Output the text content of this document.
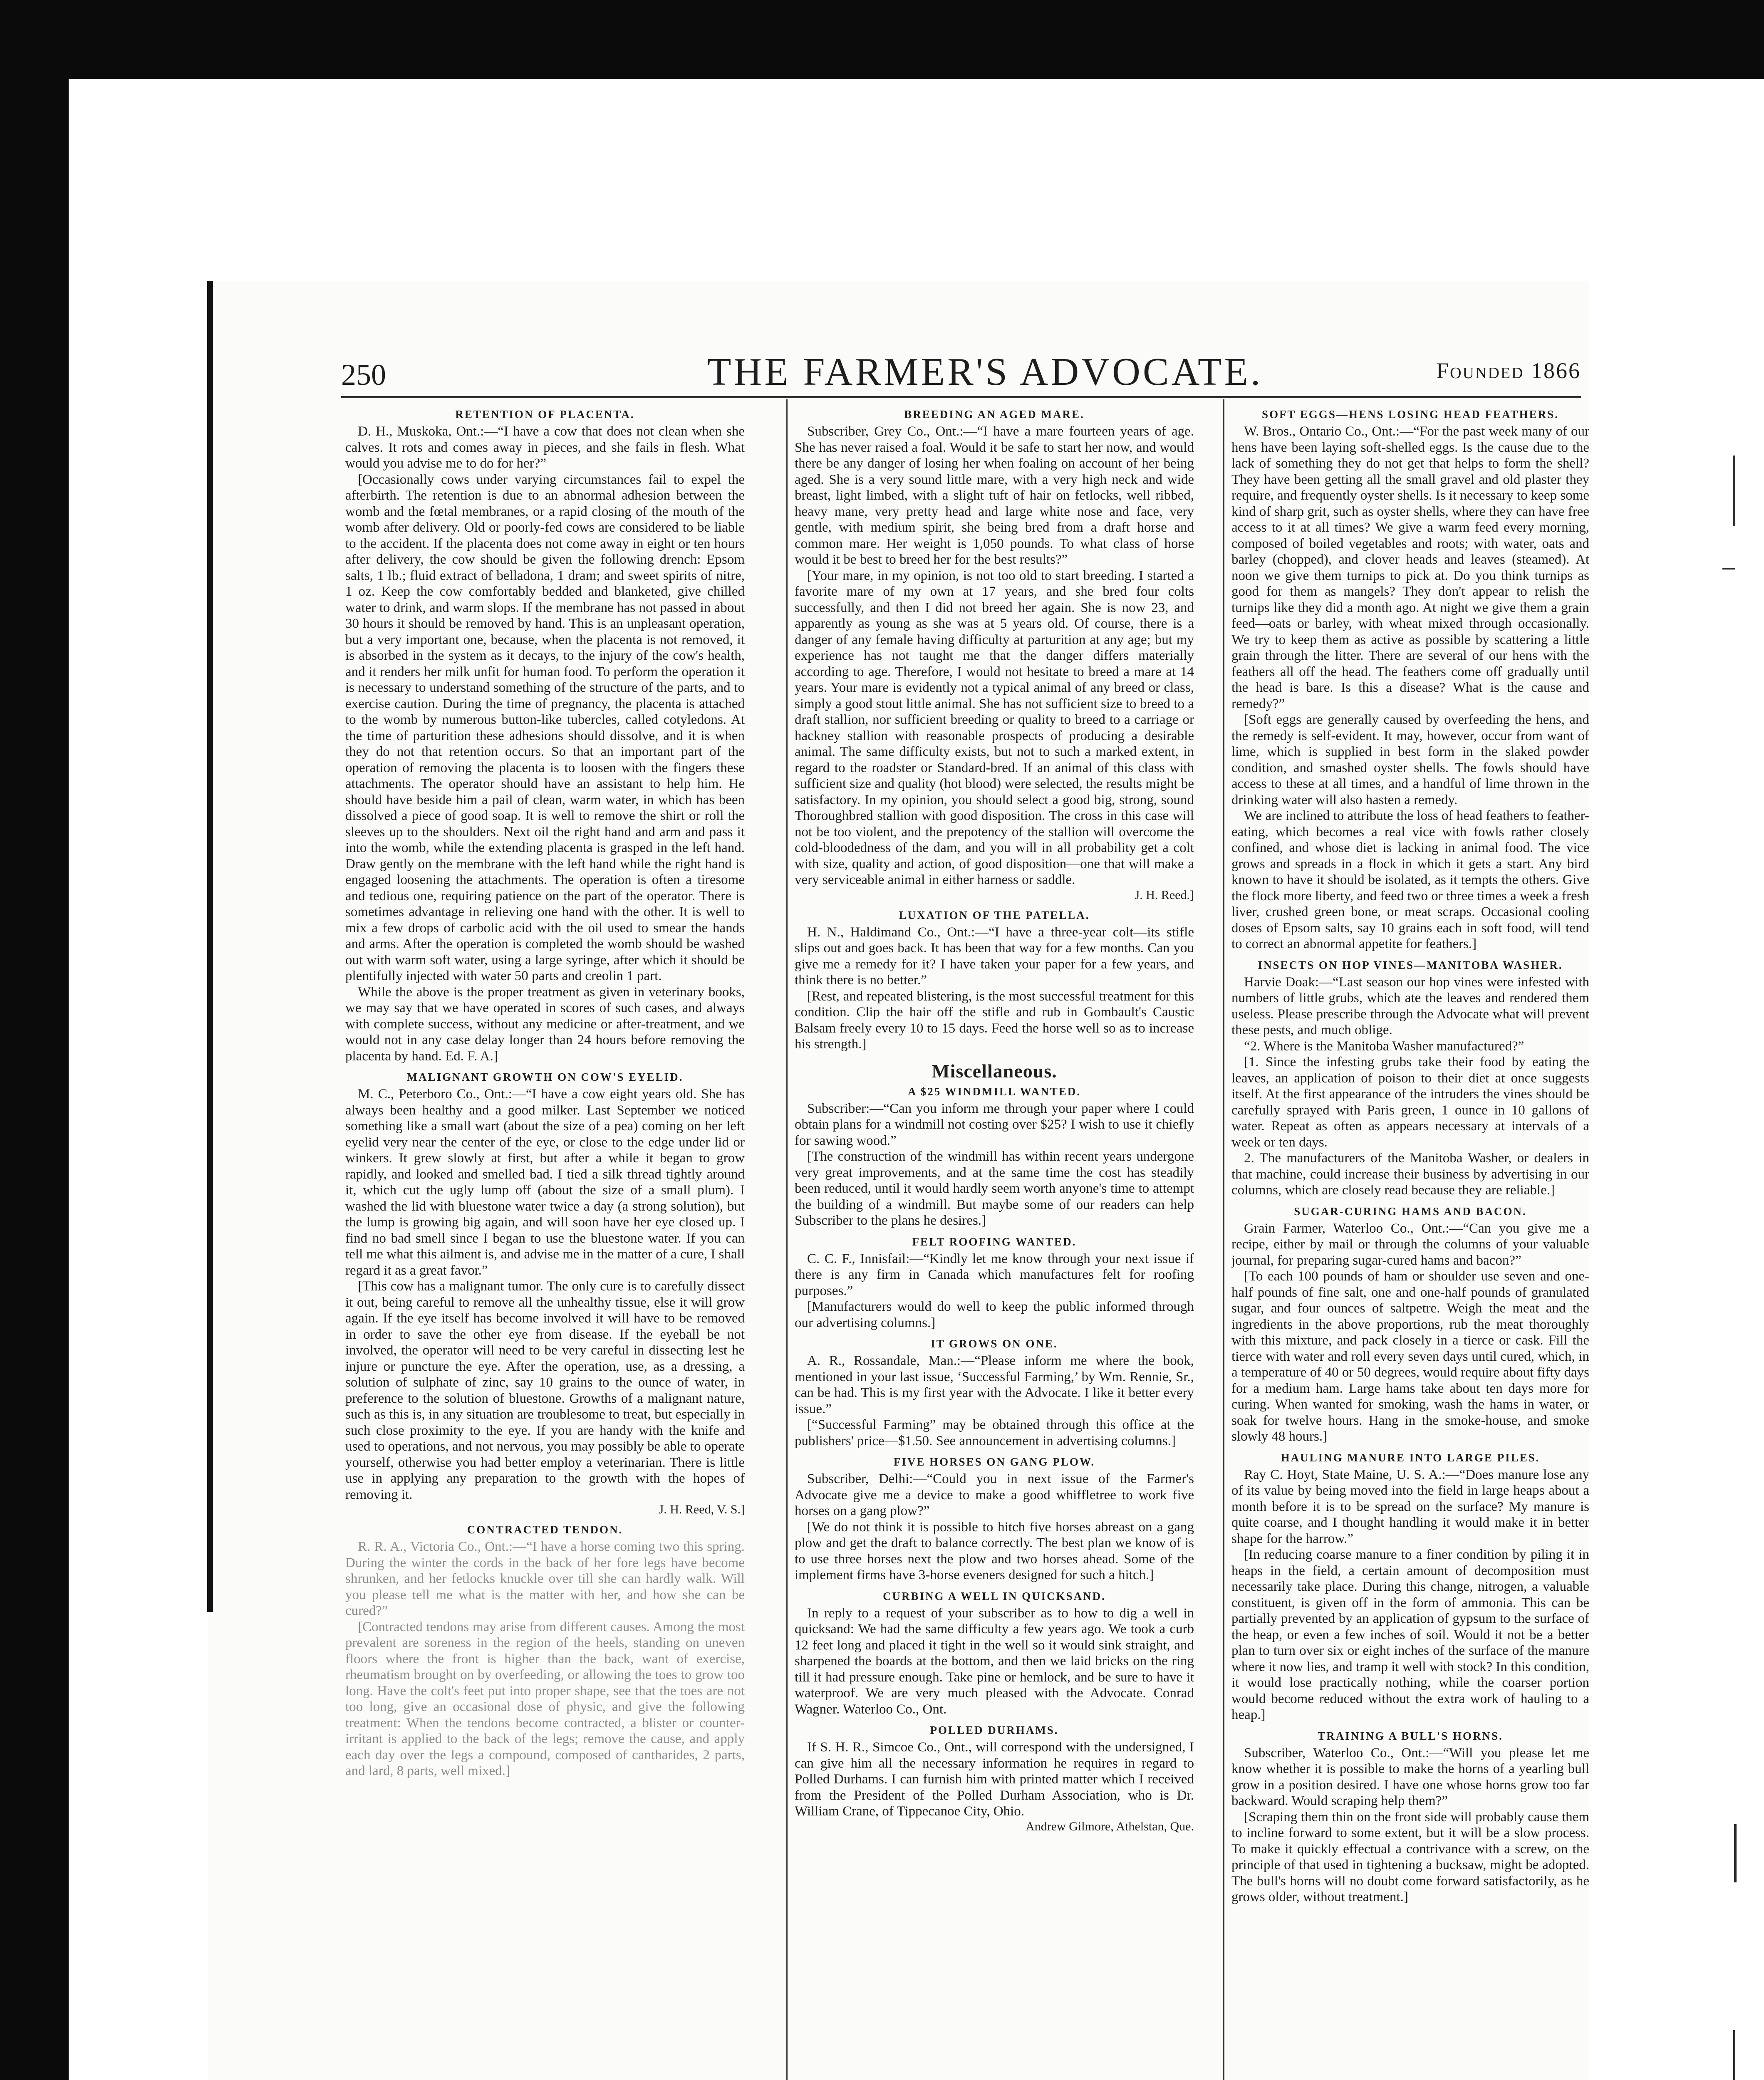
250	THE FARMER'S ADVOCATE.	Founded 1866
RETENTION OF PLACENTA.

D. H., Muskoka, Ont.:—“I have a cow that does not clean when she calves. It rots and comes away in pieces, and she fails in flesh. What would you advise me to do for her?”

[Occasionally cows under varying circumstances fail to expel the afterbirth. The retention is due to an abnormal adhesion between the womb and the fœtal membranes, or a rapid closing of the mouth of the womb after delivery. Old or poorly-fed cows are considered to be liable to the accident. If the placenta does not come away in eight or ten hours after delivery, the cow should be given the following drench: Epsom salts, 1 lb.; fluid extract of belladona, 1 dram; and sweet spirits of nitre, 1 oz. Keep the cow comfortably bedded and blanketed, give chilled water to drink, and warm slops. If the membrane has not passed in about 30 hours it should be removed by hand. This is an unpleasant operation, but a very important one, because, when the placenta is not removed, it is absorbed in the system as it decays, to the injury of the cow's health, and it renders her milk unfit for human food. To perform the operation it is necessary to understand something of the structure of the parts, and to exercise caution. During the time of pregnancy, the placenta is attached to the womb by numerous button-like tubercles, called cotyledons. At the time of parturition these adhesions should dissolve, and it is when they do not that retention occurs. So that an important part of the operation of removing the placenta is to loosen with the fingers these attachments. The operator should have an assistant to help him. He should have beside him a pail of clean, warm water, in which has been dissolved a piece of good soap. It is well to remove the shirt or roll the sleeves up to the shoulders. Next oil the right hand and arm and pass it into the womb, while the extending placenta is grasped in the left hand. Draw gently on the membrane with the left hand while the right hand is engaged loosening the attachments. The operation is often a tiresome and tedious one, requiring patience on the part of the operator. There is sometimes advantage in relieving one hand with the other. It is well to mix a few drops of carbolic acid with the oil used to smear the hands and arms. After the operation is completed the womb should be washed out with warm soft water, using a large syringe, after which it should be plentifully injected with water 50 parts and creolin 1 part.

While the above is the proper treatment as given in veterinary books, we may say that we have operated in scores of such cases, and always with complete success, without any medicine or after-treatment, and we would not in any case delay longer than 24 hours before removing the placenta by hand. Ed. F. A.]

MALIGNANT GROWTH ON COW'S EYELID.

M. C., Peterboro Co., Ont.:—“I have a cow eight years old. She has always been healthy and a good milker. Last September we noticed something like a small wart (about the size of a pea) coming on her left eyelid very near the center of the eye, or close to the edge under lid or winkers. It grew slowly at first, but after a while it began to grow rapidly, and looked and smelled bad. I tied a silk thread tightly around it, which cut the ugly lump off (about the size of a small plum). I washed the lid with bluestone water twice a day (a strong solution), but the lump is growing big again, and will soon have her eye closed up. I find no bad smell since I began to use the bluestone water. If you can tell me what this ailment is, and advise me in the matter of a cure, I shall regard it as a great favor.”

[This cow has a malignant tumor. The only cure is to carefully dissect it out, being careful to remove all the unhealthy tissue, else it will grow again. If the eye itself has become involved it will have to be removed in order to save the other eye from disease. If the eyeball be not involved, the operator will need to be very careful in dissecting lest he injure or puncture the eye. After the operation, use, as a dressing, a solution of sulphate of zinc, say 10 grains to the ounce of water, in preference to the solution of bluestone. Growths of a malignant nature, such as this is, in any situation are troublesome to treat, but especially in such close proximity to the eye. If you are handy with the knife and used to operations, and not nervous, you may possibly be able to operate yourself, otherwise you had better employ a veterinarian. There is little use in applying any preparation to the growth with the hopes of removing it.

J. H. Reed, V. S.]
CONTRACTED TENDON.

R. R. A., Victoria Co., Ont.:—“I have a horse coming two this spring. During the winter the cords in the back of her fore legs have become shrunken, and her fetlocks knuckle over till she can hardly walk. Will you please tell me what is the matter with her, and how she can be cured?”

[Contracted tendons may arise from different causes. Among the most prevalent are soreness in the region of the heels, standing on uneven floors where the front is higher than the back, want of exercise, rheumatism brought on by overfeeding, or allowing the toes to grow too long. Have the colt's feet put into proper shape, see that the toes are not too long, give an occasional dose of physic, and give the following treatment: When the tendons become contracted, a blister or counter-irritant is applied to the back of the legs; remove the cause, and apply each day over the legs a compound, composed of cantharides, 2 parts, and lard, 8 parts, well mixed.]

BREEDING AN AGED MARE.

Subscriber, Grey Co., Ont.:—“I have a mare fourteen years of age. She has never raised a foal. Would it be safe to start her now, and would there be any danger of losing her when foaling on account of her being aged. She is a very sound little mare, with a very high neck and wide breast, light limbed, with a slight tuft of hair on fetlocks, well ribbed, heavy mane, very pretty head and large white nose and face, very gentle, with medium spirit, she being bred from a draft horse and common mare. Her weight is 1,050 pounds. To what class of horse would it be best to breed her for the best results?”

[Your mare, in my opinion, is not too old to start breeding. I started a favorite mare of my own at 17 years, and she bred four colts successfully, and then I did not breed her again. She is now 23, and apparently as young as she was at 5 years old. Of course, there is a danger of any female having difficulty at parturition at any age; but my experience has not taught me that the danger differs materially according to age. Therefore, I would not hesitate to breed a mare at 14 years. Your mare is evidently not a typical animal of any breed or class, simply a good stout little animal. She has not sufficient size to breed to a draft stallion, nor sufficient breeding or quality to breed to a carriage or hackney stallion with reasonable prospects of producing a desirable animal. The same difficulty exists, but not to such a marked extent, in regard to the roadster or Standard-bred. If an animal of this class with sufficient size and quality (hot blood) were selected, the results might be satisfactory. In my opinion, you should select a good big, strong, sound Thoroughbred stallion with good disposition. The cross in this case will not be too violent, and the prepotency of the stallion will overcome the cold-bloodedness of the dam, and you will in all probability get a colt with size, quality and action, of good disposition—one that will make a very serviceable animal in either harness or saddle.

J. H. Reed.]
LUXATION OF THE PATELLA.

H. N., Haldimand Co., Ont.:—“I have a three-year colt—its stifle slips out and goes back. It has been that way for a few months. Can you give me a remedy for it? I have taken your paper for a few years, and think there is no better.”

[Rest, and repeated blistering, is the most successful treatment for this condition. Clip the hair off the stifle and rub in Gombault's Caustic Balsam freely every 10 to 15 days. Feed the horse well so as to increase his strength.]

Miscellaneous.
A $25 WINDMILL WANTED.

Subscriber:—“Can you inform me through your paper where I could obtain plans for a windmill not costing over $25? I wish to use it chiefly for sawing wood.”

[The construction of the windmill has within recent years undergone very great improvements, and at the same time the cost has steadily been reduced, until it would hardly seem worth anyone's time to attempt the building of a windmill. But maybe some of our readers can help Subscriber to the plans he desires.]

FELT ROOFING WANTED.

C. C. F., Innisfail:—“Kindly let me know through your next issue if there is any firm in Canada which manufactures felt for roofing purposes.”

[Manufacturers would do well to keep the public informed through our advertising columns.]

IT GROWS ON ONE.

A. R., Rossandale, Man.:—“Please inform me where the book, mentioned in your last issue, ‘Successful Farming,’ by Wm. Rennie, Sr., can be had. This is my first year with the Advocate. I like it better every issue.”

[“Successful Farming” may be obtained through this office at the publishers' price—$1.50. See announcement in advertising columns.]

FIVE HORSES ON GANG PLOW.

Subscriber, Delhi:—“Could you in next issue of the Farmer's Advocate give me a device to make a good whiffletree to work five horses on a gang plow?”

[We do not think it is possible to hitch five horses abreast on a gang plow and get the draft to balance correctly. The best plan we know of is to use three horses next the plow and two horses ahead. Some of the implement firms have 3-horse eveners designed for such a hitch.]

CURBING A WELL IN QUICKSAND.

In reply to a request of your subscriber as to how to dig a well in quicksand: We had the same difficulty a few years ago. We took a curb 12 feet long and placed it tight in the well so it would sink straight, and sharpened the boards at the bottom, and then we laid bricks on the ring till it had pressure enough. Take pine or hemlock, and be sure to have it waterproof. We are very much pleased with the Advocate. Conrad Wagner. Waterloo Co., Ont.

POLLED DURHAMS.

If S. H. R., Simcoe Co., Ont., will correspond with the undersigned, I can give him all the necessary information he requires in regard to Polled Durhams. I can furnish him with printed matter which I received from the President of the Polled Durham Association, who is Dr. William Crane, of Tippecanoe City, Ohio.

Andrew Gilmore, Athelstan, Que.
SOFT EGGS—HENS LOSING HEAD FEATHERS.

W. Bros., Ontario Co., Ont.:—“For the past week many of our hens have been laying soft-shelled eggs. Is the cause due to the lack of something they do not get that helps to form the shell? They have been getting all the small gravel and old plaster they require, and frequently oyster shells. Is it necessary to keep some kind of sharp grit, such as oyster shells, where they can have free access to it at all times? We give a warm feed every morning, composed of boiled vegetables and roots; with water, oats and barley (chopped), and clover heads and leaves (steamed). At noon we give them turnips to pick at. Do you think turnips as good for them as mangels? They don't appear to relish the turnips like they did a month ago. At night we give them a grain feed—oats or barley, with wheat mixed through occasionally. We try to keep them as active as possible by scattering a little grain through the litter. There are several of our hens with the feathers all off the head. The feathers come off gradually until the head is bare. Is this a disease? What is the cause and remedy?”

[Soft eggs are generally caused by overfeeding the hens, and the remedy is self-evident. It may, however, occur from want of lime, which is supplied in best form in the slaked powder condition, and smashed oyster shells. The fowls should have access to these at all times, and a handful of lime thrown in the drinking water will also hasten a remedy.

We are inclined to attribute the loss of head feathers to feather-eating, which becomes a real vice with fowls rather closely confined, and whose diet is lacking in animal food. The vice grows and spreads in a flock in which it gets a start. Any bird known to have it should be isolated, as it tempts the others. Give the flock more liberty, and feed two or three times a week a fresh liver, crushed green bone, or meat scraps. Occasional cooling doses of Epsom salts, say 10 grains each in soft food, will tend to correct an abnormal appetite for feathers.]

INSECTS ON HOP VINES—MANITOBA WASHER.

Harvie Doak:—“Last season our hop vines were infested with numbers of little grubs, which ate the leaves and rendered them useless. Please prescribe through the Advocate what will prevent these pests, and much oblige.

“2. Where is the Manitoba Washer manufactured?”

[1. Since the infesting grubs take their food by eating the leaves, an application of poison to their diet at once suggests itself. At the first appearance of the intruders the vines should be carefully sprayed with Paris green, 1 ounce in 10 gallons of water. Repeat as often as appears necessary at intervals of a week or ten days.

2. The manufacturers of the Manitoba Washer, or dealers in that machine, could increase their business by advertising in our columns, which are closely read because they are reliable.]

SUGAR-CURING HAMS AND BACON.

Grain Farmer, Waterloo Co., Ont.:—“Can you give me a recipe, either by mail or through the columns of your valuable journal, for preparing sugar-cured hams and bacon?”

[To each 100 pounds of ham or shoulder use seven and one-half pounds of fine salt, one and one-half pounds of granulated sugar, and four ounces of saltpetre. Weigh the meat and the ingredients in the above proportions, rub the meat thoroughly with this mixture, and pack closely in a tierce or cask. Fill the tierce with water and roll every seven days until cured, which, in a temperature of 40 or 50 degrees, would require about fifty days for a medium ham. Large hams take about ten days more for curing. When wanted for smoking, wash the hams in water, or soak for twelve hours. Hang in the smoke-house, and smoke slowly 48 hours.]

HAULING MANURE INTO LARGE PILES.

Ray C. Hoyt, State Maine, U. S. A.:—“Does manure lose any of its value by being moved into the field in large heaps about a month before it is to be spread on the surface? My manure is quite coarse, and I thought handling it would make it in better shape for the harrow.”

[In reducing coarse manure to a finer condition by piling it in heaps in the field, a certain amount of decomposition must necessarily take place. During this change, nitrogen, a valuable constituent, is given off in the form of ammonia. This can be partially prevented by an application of gypsum to the surface of the heap, or even a few inches of soil. Would it not be a better plan to turn over six or eight inches of the surface of the manure where it now lies, and tramp it well with stock? In this condition, it would lose practically nothing, while the coarser portion would become reduced without the extra work of hauling to a heap.]

TRAINING A BULL'S HORNS.

Subscriber, Waterloo Co., Ont.:—“Will you please let me know whether it is possible to make the horns of a yearling bull grow in a position desired. I have one whose horns grow too far backward. Would scraping help them?”

[Scraping them thin on the front side will probably cause them to incline forward to some extent, but it will be a slow process. To make it quickly effectual a contrivance with a screw, on the principle of that used in tightening a bucksaw, might be adopted. The bull's horns will no doubt come forward satisfactorily, as he grows older, without treatment.]
